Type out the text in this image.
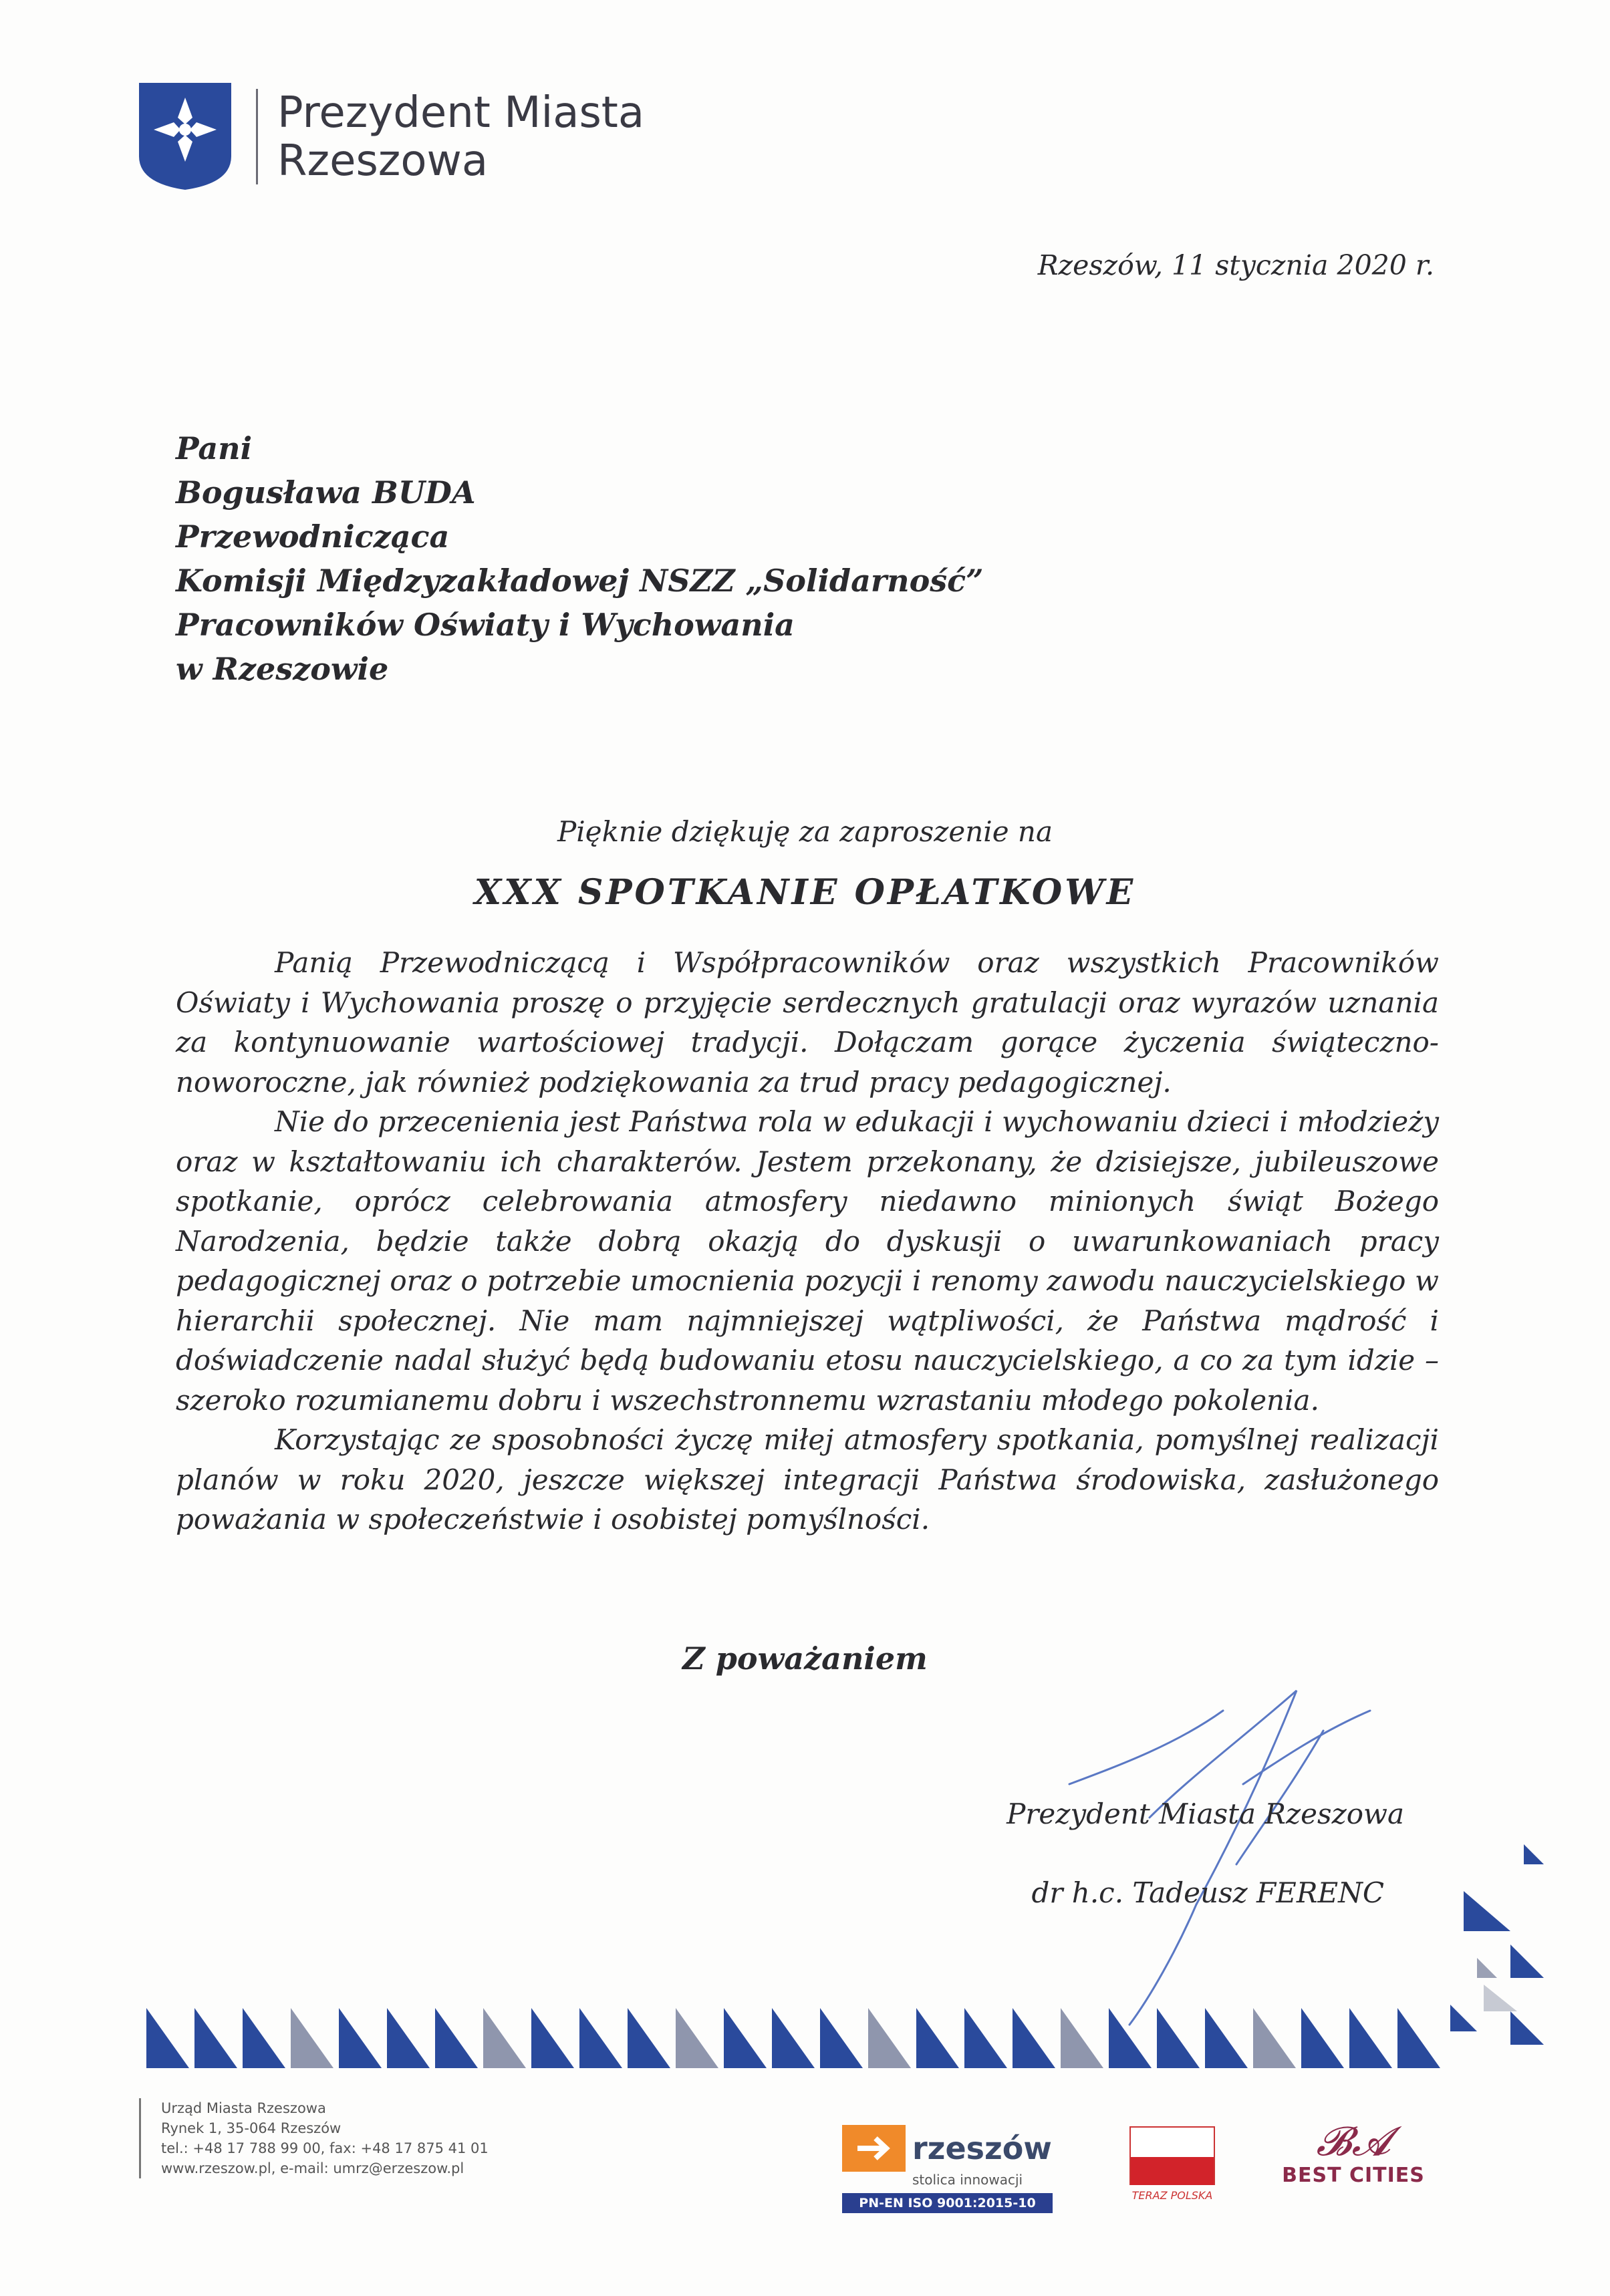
Prezydent Miasta
Rzeszowa
Rzeszów, 11 stycznia 2020 r.
Pani
Bogusława BUDA
Przewodnicząca
Komisji Międzyzakładowej NSZZ „Solidarność”
Pracowników Oświaty i Wychowania
w Rzeszowie
Pięknie dziękuję za zaproszenie na
XXX SPOTKANIE OPŁATKOWE

Panią Przewodniczącą i Współpracowników oraz wszystkich Pracowników Oświaty i Wychowania proszę o przyjęcie serdecznych gratulacji oraz wyrazów uznania za kontynuowanie wartościowej tradycji. Dołączam gorące życzenia świąteczno-noworoczne, jak również podziękowania za trud pracy pedagogicznej.

Nie do przecenienia jest Państwa rola w edukacji i wychowaniu dzieci i młodzieży oraz w kształtowaniu ich charakterów. Jestem przekonany, że dzisiejsze, jubileuszowe spotkanie, oprócz celebrowania atmosfery niedawno minionych świąt Bożego Narodzenia, będzie także dobrą okazją do dyskusji o uwarunkowaniach pracy pedagogicznej oraz o potrzebie umocnienia pozycji i renomy zawodu nauczycielskiego w hierarchii społecznej. Nie mam najmniejszej wątpliwości, że Państwa mądrość i doświadczenie nadal służyć będą budowaniu etosu nauczycielskiego, a co za tym idzie – szeroko rozumianemu dobru i wszechstronnemu wzrastaniu młodego pokolenia.

Korzystając ze sposobności życzę miłej atmosfery spotkania, pomyślnej realizacji planów w roku 2020, jeszcze większej integracji Państwa środowiska, zasłużonego poważania w społeczeństwie i osobistej pomyślności.

Z poważaniem
Prezydent Miasta Rzeszowa
dr h.c. Tadeusz FERENC
Urząd Miasta Rzeszowa
Rynek 1, 35-064 Rzeszów
tel.: +48 17 788 99 00, fax: +48 17 875 41 01
www.rzeszow.pl, e-mail: umrz@erzeszow.pl
rzeszów
stolica innowacji
PN-EN ISO 9001:2015-10
TERAZ POLSKA
𝓑𝓐
BEST CITIES
